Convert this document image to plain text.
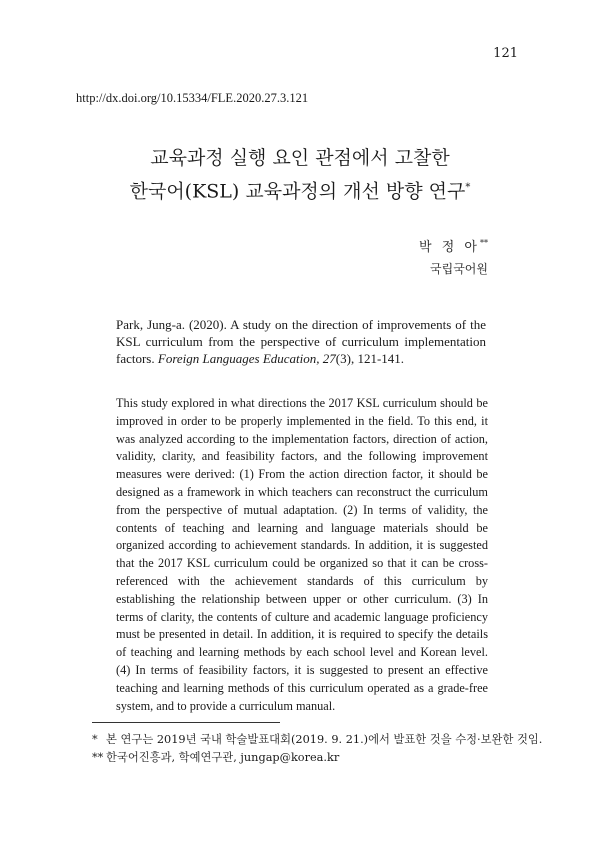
121
http://dx.doi.org/10.15334/FLE.2020.27.3.121
교육과정 실행 요인 관점에서 고찰한
한국어(KSL) 교육과정의 개선 방향 연구*
박 정 아**
국립국어원
Park, Jung-a. (2020). A study on the direction of improvements of the KSL curriculum from the perspective of curriculum implementation factors. Foreign Languages Education, 27(3), 121-141.
This study explored in what directions the 2017 KSL curriculum should be improved in order to be properly implemented in the field. To this end, it was analyzed according to the implementation factors, direction of action, validity, clarity, and feasibility factors, and the following improvement measures were derived: (1) From the action direction factor, it should be designed as a framework in which teachers can reconstruct the curriculum from the perspective of mutual adaptation. (2) In terms of validity, the contents of teaching and learning and language materials should be organized according to achievement standards. In addition, it is suggested that the 2017 KSL curriculum could be organized so that it can be cross-referenced with the achievement standards of this curriculum by establishing the relationship between upper or other curriculum. (3) In terms of clarity, the contents of culture and academic language proficiency must be presented in detail. In addition, it is required to specify the details of teaching and learning methods by each school level and Korean level. (4) In terms of feasibility factors, it is suggested to present an effective teaching and learning methods of this curriculum operated as a grade-free system, and to provide a curriculum manual.
* 본 연구는 2019년 국내 학술발표대회(2019. 9. 21.)에서 발표한 것을 수정·보완한 것임.
** 한국어진흥과, 학예연구관, jungap@korea.kr
